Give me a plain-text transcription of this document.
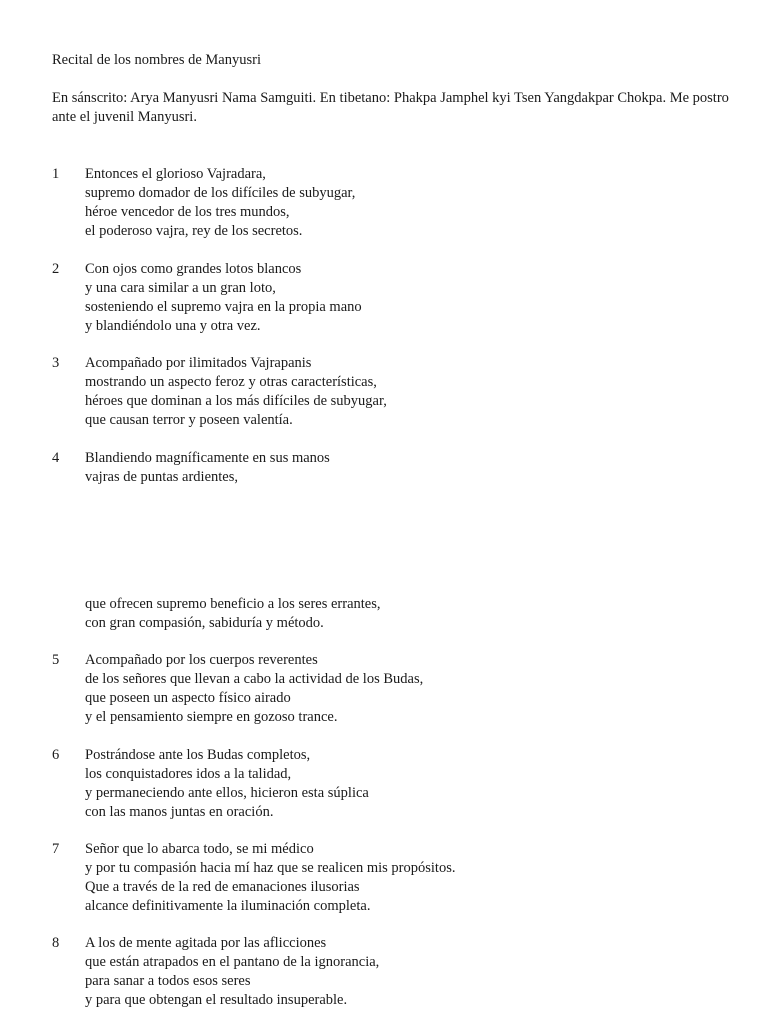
Recital de los nombres de Manyusri

En sánscrito: Arya Manyusri Nama Samguiti. En tibetano: Phakpa Jamphel kyi Tsen Yangdakpar Chokpa. Me postro ante el juvenil Manyusri.

1 Entonces el glorioso Vajradara,
supremo domador de los difíciles de subyugar,
héroe vencedor de los tres mundos,
el poderoso vajra, rey de los secretos.
2 Con ojos como grandes lotos blancos
y una cara similar a un gran loto,
sosteniendo el supremo vajra en la propia mano
y blandiéndolo una y otra vez.
3 Acompañado por ilimitados Vajrapanis
mostrando un aspecto feroz y otras características,
héroes que dominan a los más difíciles de subyugar,
que causan terror y poseen valentía.
4 Blandiendo magníficamente en sus manos
vajras de puntas ardientes,
que ofrecen supremo beneficio a los seres errantes,
con gran compasión, sabiduría y método.
5 Acompañado por los cuerpos reverentes
de los señores que llevan a cabo la actividad de los Budas,
que poseen un aspecto físico airado
y el pensamiento siempre en gozoso trance.
6 Postrándose ante los Budas completos,
los conquistadores idos a la talidad,
y permaneciendo ante ellos, hicieron esta súplica
con las manos juntas en oración.
7 Señor que lo abarca todo, se mi médico
y por tu compasión hacia mí haz que se realicen mis propósitos.
Que a través de la red de emanaciones ilusorias
alcance definitivamente la iluminación completa.
8 A los de mente agitada por las aflicciones
que están atrapados en el pantano de la ignorancia,
para sanar a todos esos seres
y para que obtengan el resultado insuperable.
